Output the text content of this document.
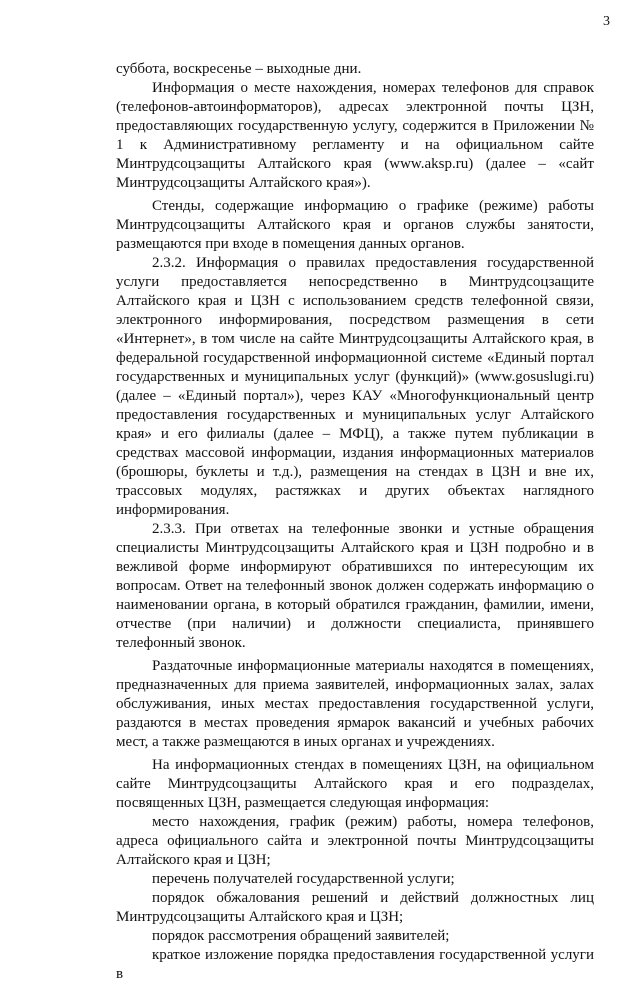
3

суббота, воскресенье – выходные дни.

Информация о месте нахождения, номерах телефонов для справок (телефонов-автоинформаторов), адресах электронной почты ЦЗН, предоставляющих государственную услугу, содержится в Приложении № 1 к Административному регламенту и на официальном сайте Минтрудсоцзащиты Алтайского края (www.aksp.ru) (далее – «сайт Минтрудсоцзащиты Алтайского края»).

Стенды, содержащие информацию о графике (режиме) работы Минтрудсоцзащиты Алтайского края и органов службы занятости, размещаются при входе в помещения данных органов.

2.3.2. Информация о правилах предоставления государственной услуги предоставляется непосредственно в Минтрудсоцзащите Алтайского края и ЦЗН с использованием средств телефонной связи, электронного информирования, посредством размещения в сети «Интернет», в том числе на сайте Минтрудсоцзащиты Алтайского края, в федеральной государственной информационной системе «Единый портал государственных и муниципальных услуг (функций)» (www.gosuslugi.ru) (далее – «Единый портал»), через КАУ «Многофункциональный центр предоставления государственных и муниципальных услуг Алтайского края» и его филиалы (далее – МФЦ), а также путем публикации в средствах массовой информации, издания информационных материалов (брошюры, буклеты и т.д.), размещения на стендах в ЦЗН и вне их, трассовых модулях, растяжках и других объектах наглядного информирования.

2.3.3. При ответах на телефонные звонки и устные обращения специалисты Минтрудсоцзащиты Алтайского края и ЦЗН подробно и в вежливой форме информируют обратившихся по интересующим их вопросам. Ответ на телефонный звонок должен содержать информацию о наименовании органа, в который обратился гражданин, фамилии, имени, отчестве (при наличии) и должности специалиста, принявшего телефонный звонок.

Раздаточные информационные материалы находятся в помещениях, предназначенных для приема заявителей, информационных залах, залах обслуживания, иных местах предоставления государственной услуги, раздаются в местах проведения ярмарок вакансий и учебных рабочих мест, а также размещаются в иных органах и учреждениях.

На информационных стендах в помещениях ЦЗН, на официальном сайте Минтрудсоцзащиты Алтайского края и его подразделах, посвященных ЦЗН, размещается следующая информация:

место нахождения, график (режим) работы, номера телефонов, адреса официального сайта и электронной почты Минтрудсоцзащиты Алтайского края и ЦЗН;

перечень получателей государственной услуги;

порядок обжалования решений и действий должностных лиц Минтрудсоцзащиты Алтайского края и ЦЗН;

порядок рассмотрения обращений заявителей;

краткое изложение порядка предоставления государственной услуги в
